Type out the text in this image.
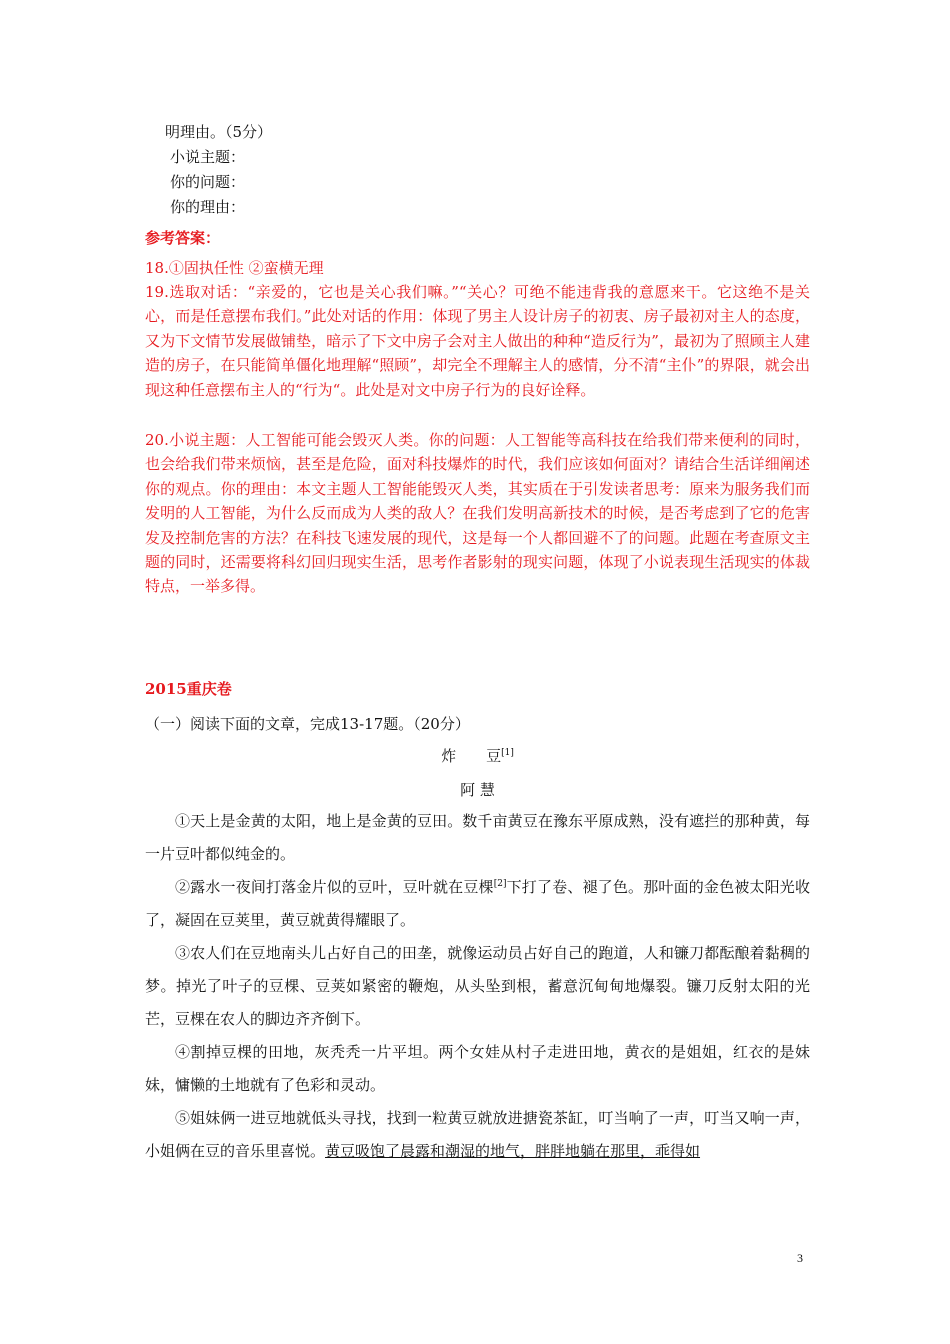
明理由。（5分）
小说主题：
你的问题：
你的理由：
参考答案：
18.①固执任性 ②蛮横无理
19.选取对话：“亲爱的，它也是关心我们嘛。”“关心？可绝不能违背我的意愿来干。它这绝不是关心，而是任意摆布我们。”此处对话的作用：体现了男主人设计房子的初衷、房子最初对主人的态度，又为下文情节发展做铺垫，暗示了下文中房子会对主人做出的种种“造反行为”，最初为了照顾主人建造的房子，在只能简单僵化地理解“照顾”，却完全不理解主人的感情，分不清“主仆”的界限，就会出现这种任意摆布主人的“行为“。此处是对文中房子行为的良好诠释。
20.小说主题：人工智能可能会毁灭人类。你的问题：人工智能等高科技在给我们带来便利的同时，也会给我们带来烦恼，甚至是危险，面对科技爆炸的时代，我们应该如何面对？请结合生活详细阐述你的观点。你的理由：本文主题人工智能能毁灭人类，其实质在于引发读者思考：原来为服务我们而发明的人工智能，为什么反而成为人类的敌人？在我们发明高新技术的时候，是否考虑到了它的危害发及控制危害的方法？在科技飞速发展的现代，这是每一个人都回避不了的问题。此题在考查原文主题的同时，还需要将科幻回归现实生活，思考作者影射的现实问题，体现了小说表现生活现实的体裁特点，一举多得。
2015重庆卷
（一）阅读下面的文章，完成13-17题。（20分）
炸　　豆[1]
阿 慧

①天上是金黄的太阳，地上是金黄的豆田。数千亩黄豆在豫东平原成熟，没有遮拦的那种黄，每一片豆叶都似纯金的。

②露水一夜间打落金片似的豆叶，豆叶就在豆棵[2]下打了卷、褪了色。那叶面的金色被太阳光收了，凝固在豆荚里，黄豆就黄得耀眼了。

③农人们在豆地南头儿占好自己的田垄，就像运动员占好自己的跑道，人和镰刀都酝酿着黏稠的梦。掉光了叶子的豆棵、豆荚如紧密的鞭炮，从头坠到根，蓄意沉甸甸地爆裂。镰刀反射太阳的光芒，豆棵在农人的脚边齐齐倒下。

④割掉豆棵的田地，灰秃秃一片平坦。两个女娃从村子走进田地，黄衣的是姐姐，红衣的是妹妹，慵懒的土地就有了色彩和灵动。

⑤姐妹俩一进豆地就低头寻找，找到一粒黄豆就放进搪瓷茶缸，叮当响了一声，叮当又响一声，小姐俩在豆的音乐里喜悦。黄豆吸饱了晨露和潮湿的地气，胖胖地躺在那里，乖得如

3
